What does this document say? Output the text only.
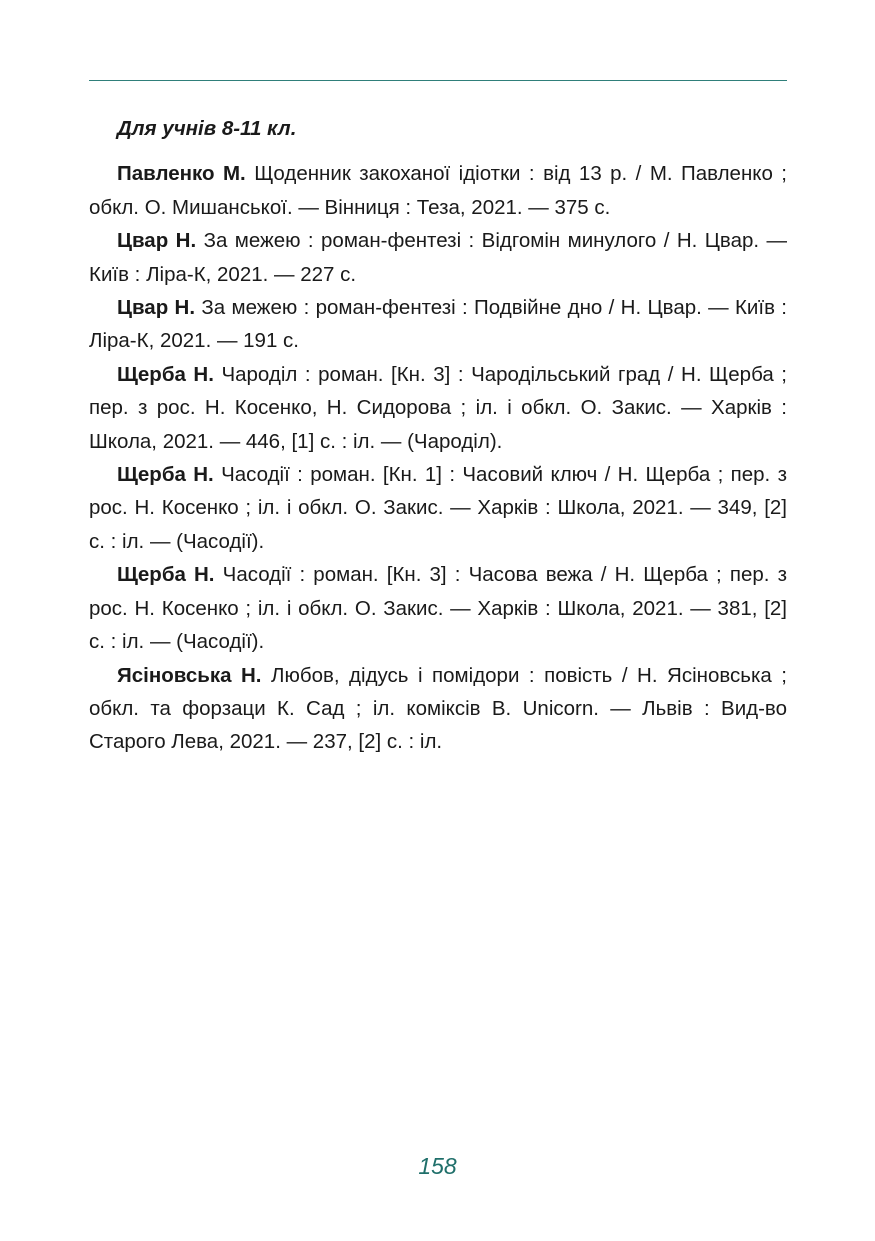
Для учнів 8-11 кл.

Павленко М. Щоденник закоханої ідіотки : від 13 р. / М. Павленко ; обкл. О. Мишанської. — Вінниця : Теза, 2021. — 375 с.

Цвар Н. За межею : роман-фентезі : Відгомін минулого / Н. Цвар. — Київ : Ліра-К, 2021. — 227 с.

Цвар Н. За межею : роман-фентезі : Подвійне дно / Н. Цвар. — Київ : Ліра-К, 2021. — 191 с.

Щерба Н. Чароділ : роман. [Кн. 3] : Чародільський град / Н. Щерба ; пер. з рос. Н. Косенко, Н. Сидорова ; іл. і обкл. О. Закис. — Харків : Школа, 2021. — 446, [1] с. : іл. — (Чароділ).

Щерба Н. Часодії : роман. [Кн. 1] : Часовий ключ / Н. Щерба ; пер. з рос. Н. Косенко ; іл. і обкл. О. Закис. — Харків : Школа, 2021. — 349, [2] с. : іл. — (Часодії).

Щерба Н. Часодії : роман. [Кн. 3] : Часова вежа / Н. Щерба ; пер. з рос. Н. Косенко ; іл. і обкл. О. Закис. — Харків : Школа, 2021. — 381, [2] с. : іл. — (Часодії).

Ясіновська Н. Любов, дідусь і помідори : повість / Н. Ясіновська ; обкл. та форзаци К. Сад ; іл. коміксів В. Unicorn. — Львів : Вид-во Старого Лева, 2021. — 237, [2] с. : іл.

158
